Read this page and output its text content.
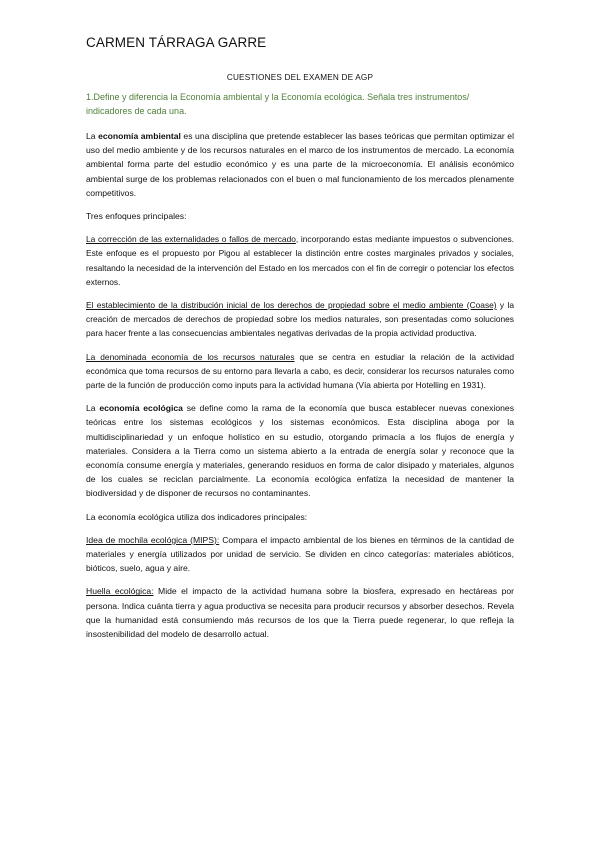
CARMEN TÁRRAGA GARRE
CUESTIONES DEL EXAMEN DE AGP
1.Define y diferencia la Economía ambiental y la Economía ecológica. Señala tres instrumentos/ indicadores de cada una.

La economía ambiental es una disciplina que pretende establecer las bases teóricas que permitan optimizar el uso del medio ambiente y de los recursos naturales en el marco de los instrumentos de mercado. La economía ambiental forma parte del estudio económico y es una parte de la microeconomía. El análisis económico ambiental surge de los problemas relacionados con el buen o mal funcionamiento de los mercados plenamente competitivos.

Tres enfoques principales:

La corrección de las externalidades o fallos de mercado, incorporando estas mediante impuestos o subvenciones. Este enfoque es el propuesto por Pigou al establecer la distinción entre costes marginales privados y sociales, resaltando la necesidad de la intervención del Estado en los mercados con el fin de corregir o potenciar los efectos externos.

El establecimiento de la distribución inicial de los derechos de propiedad sobre el medio ambiente (Coase) y la creación de mercados de derechos de propiedad sobre los medios naturales, son presentadas como soluciones para hacer frente a las consecuencias ambientales negativas derivadas de la propia actividad productiva.

La denominada economía de los recursos naturales que se centra en estudiar la relación de la actividad económica que toma recursos de su entorno para llevarla a cabo, es decir, considerar los recursos naturales como parte de la función de producción como inputs para la actividad humana (Vía abierta por Hotelling en 1931).

La economía ecológica se define como la rama de la economía que busca establecer nuevas conexiones teóricas entre los sistemas ecológicos y los sistemas económicos. Esta disciplina aboga por la multidisciplinariedad y un enfoque holístico en su estudio, otorgando primacía a los flujos de energía y materiales. Considera a la Tierra como un sistema abierto a la entrada de energía solar y reconoce que la economía consume energía y materiales, generando residuos en forma de calor disipado y materiales, algunos de los cuales se reciclan parcialmente. La economía ecológica enfatiza la necesidad de mantener la biodiversidad y de disponer de recursos no contaminantes.

La economía ecológica utiliza dos indicadores principales:

Idea de mochila ecológica (MIPS): Compara el impacto ambiental de los bienes en términos de la cantidad de materiales y energía utilizados por unidad de servicio. Se dividen en cinco categorías: materiales abióticos, bióticos, suelo, agua y aire.

Huella ecológica: Mide el impacto de la actividad humana sobre la biosfera, expresado en hectáreas por persona. Indica cuánta tierra y agua productiva se necesita para producir recursos y absorber desechos. Revela que la humanidad está consumiendo más recursos de los que la Tierra puede regenerar, lo que refleja la insostenibilidad del modelo de desarrollo actual.
